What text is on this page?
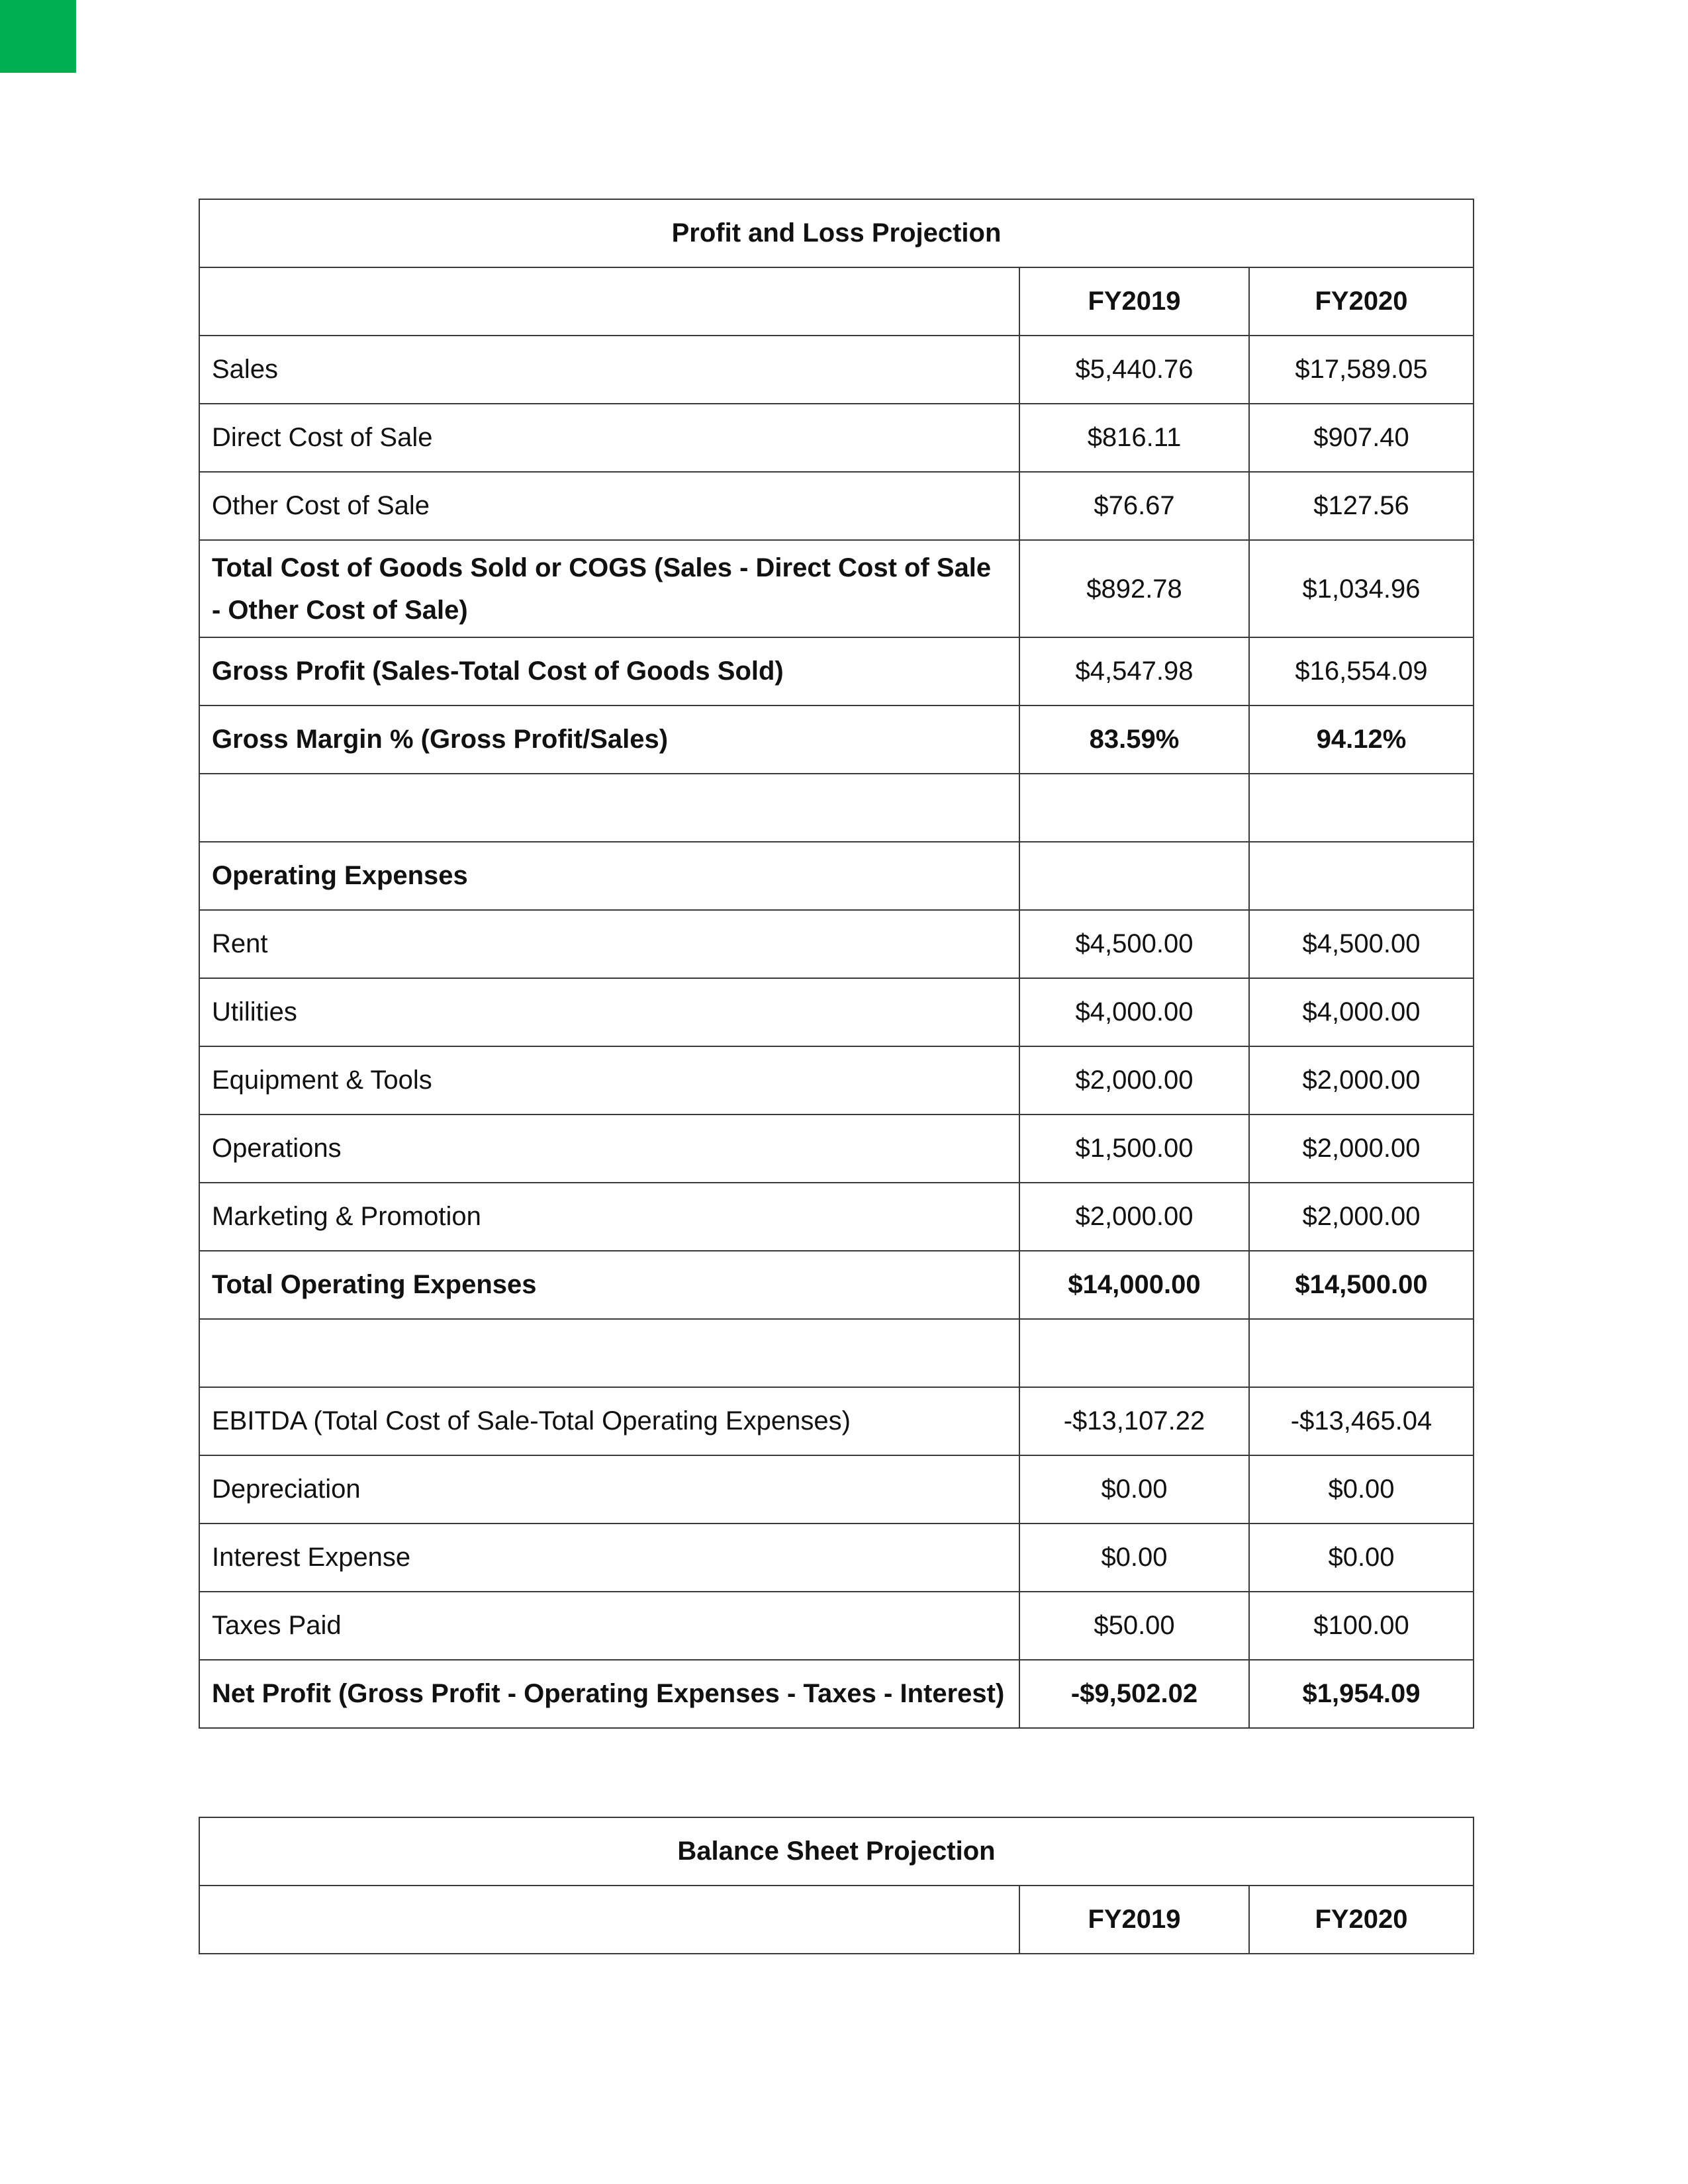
Profit and Loss Projection		
	FY2019	FY2020
Sales	$5,440.76	$17,589.05
Direct Cost of Sale	$816.11	$907.40
Other Cost of Sale	$76.67	$127.56
Total Cost of Goods Sold or COGS (Sales - Direct Cost of Sale - Other Cost of Sale)	$892.78	$1,034.96
Gross Profit (Sales-Total Cost of Goods Sold)	$4,547.98	$16,554.09
Gross Margin % (Gross Profit/Sales)	83.59%	94.12%

Operating Expenses		
Rent	$4,500.00	$4,500.00
Utilities	$4,000.00	$4,000.00
Equipment & Tools	$2,000.00	$2,000.00
Operations	$1,500.00	$2,000.00
Marketing & Promotion	$2,000.00	$2,000.00
Total Operating Expenses	$14,000.00	$14,500.00

EBITDA (Total Cost of Sale-Total Operating Expenses)	-$13,107.22	-$13,465.04
Depreciation	$0.00	$0.00
Interest Expense	$0.00	$0.00
Taxes Paid	$50.00	$100.00
Net Profit (Gross Profit - Operating Expenses - Taxes - Interest)	-$9,502.02	$1,954.09
Balance Sheet Projection
	FY2019	FY2020
